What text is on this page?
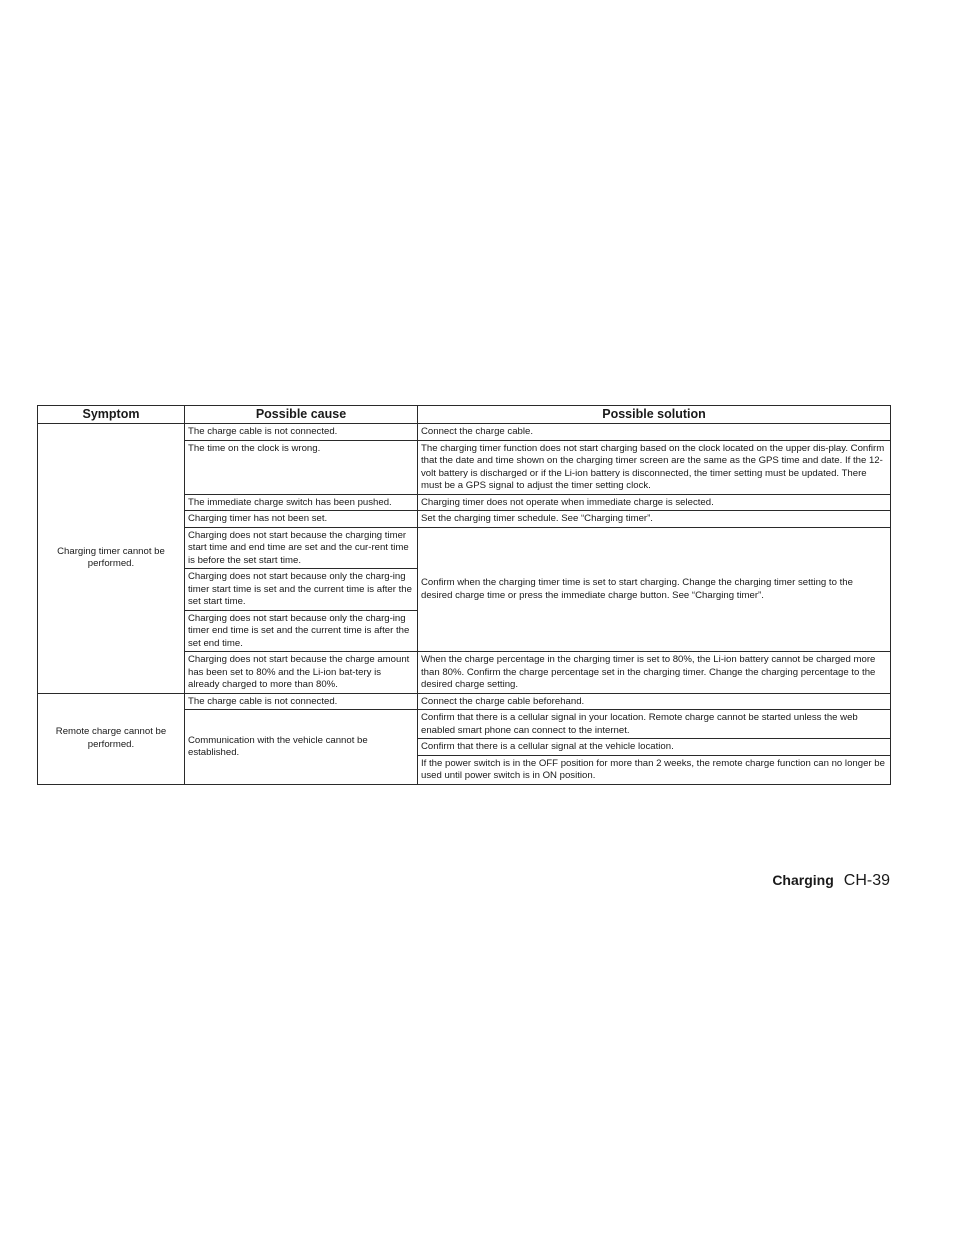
Symptom	Possible cause	Possible solution
Charging timer cannot be performed.	The charge cable is not connected.	Connect the charge cable.
	The time on the clock is wrong.	The charging timer function does not start charging based on the clock located on the upper dis-play. Confirm that the date and time shown on the charging timer screen are the same as the GPS time and date. If the 12-volt battery is discharged or if the Li-ion battery is disconnected, the timer setting must be updated. There must be a GPS signal to adjust the timer setting clock.
	The immediate charge switch has been pushed.	Charging timer does not operate when immediate charge is selected.
	Charging timer has not been set.	Set the charging timer schedule. See “Charging timer”.
	Charging does not start because the charging timer start time and end time are set and the cur-rent time is before the set start time.	Confirm when the charging timer time is set to start charging. Change the charging timer setting to the desired charge time or press the immediate charge button. See “Charging timer”.
	Charging does not start because only the charg-ing timer start time is set and the current time is after the set start time.	
	Charging does not start because only the charg-ing timer end time is set and the current time is after the set end time.	
	Charging does not start because the charge amount has been set to 80% and the Li-ion bat-tery is already charged to more than 80%.	When the charge percentage in the charging timer is set to 80%, the Li-ion battery cannot be charged more than 80%. Confirm the charge percentage set in the charging timer. Change the charging percentage to the desired charge setting.
Remote charge cannot be performed.	The charge cable is not connected.	Connect the charge cable beforehand.
	Communication with the vehicle cannot be established.	Confirm that there is a cellular signal in your location. Remote charge cannot be started unless the web enabled smart phone can connect to the internet.
		Confirm that there is a cellular signal at the vehicle location.
		If the power switch is in the OFF position for more than 2 weeks, the remote charge function can no longer be used until power switch is in ON position.
Charging CH-39
